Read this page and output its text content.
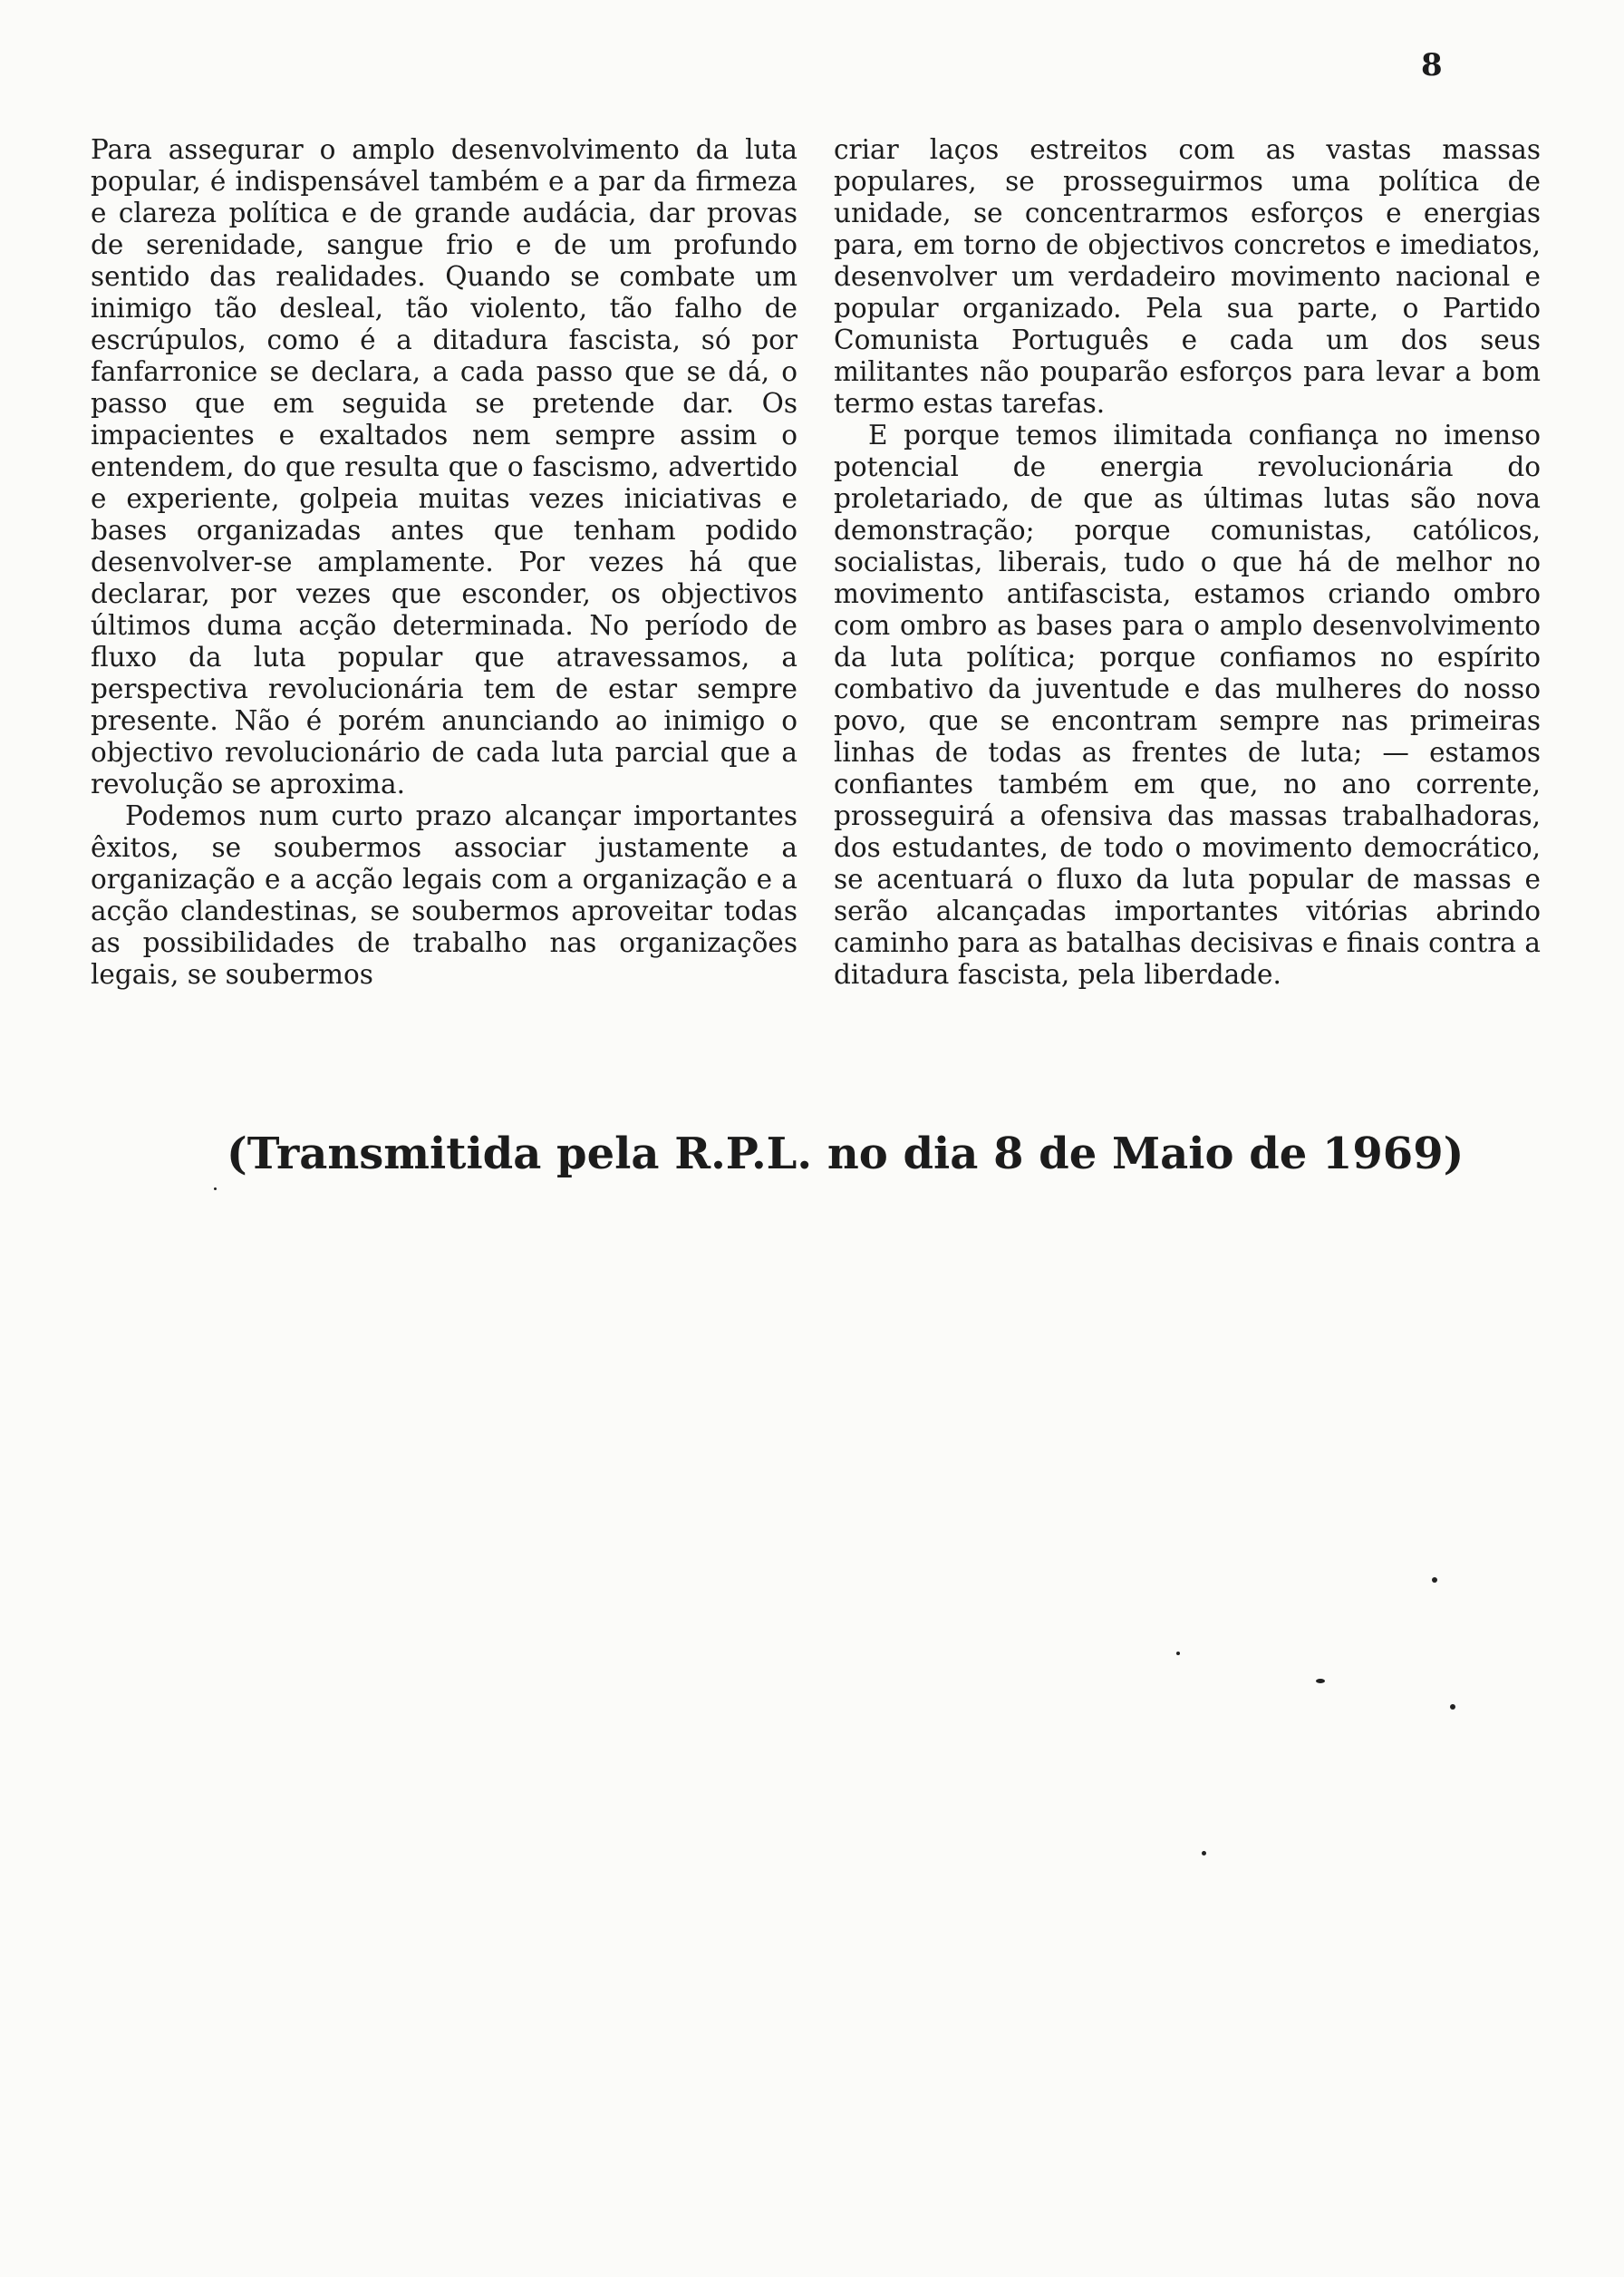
8

Para assegurar o amplo desenvolvimento da luta popular, é indispensável também e a par da firmeza e clareza política e de grande audácia, dar provas de serenidade, sangue frio e de um profundo sentido das realidades. Quando se combate um inimigo tão desleal, tão violento, tão falho de escrúpulos, como é a ditadura fascista, só por fanfarronice se declara, a cada passo que se dá, o passo que em seguida se pretende dar. Os impacientes e exaltados nem sempre assim o entendem, do que resulta que o fascismo, advertido e experiente, golpeia muitas vezes iniciativas e bases organizadas antes que tenham podido desenvolver-se amplamente. Por vezes há que declarar, por vezes que esconder, os objectivos últimos duma acção determinada. No período de fluxo da luta popular que atravessamos, a perspectiva revolucionária tem de estar sempre presente. Não é porém anunciando ao inimigo o objectivo revolucionário de cada luta parcial que a revolução se aproxima.

Podemos num curto prazo alcançar importantes êxitos, se soubermos associar justamente a organização e a acção legais com a organização e a acção clandestinas, se soubermos aproveitar todas as possibilidades de trabalho nas organizações legais, se soubermos

criar laços estreitos com as vastas massas populares, se prosseguirmos uma política de unidade, se concentrarmos esforços e energias para, em torno de objectivos concretos e imediatos, desenvolver um verdadeiro movimento nacional e popular organizado. Pela sua parte, o Partido Comunista Português e cada um dos seus militantes não pouparão esforços para levar a bom termo estas tarefas.

E porque temos ilimitada confiança no imenso potencial de energia revolucionária do proletariado, de que as últimas lutas são nova demonstração; porque comunistas, católicos, socialistas, liberais, tudo o que há de melhor no movimento antifascista, estamos criando ombro com ombro as bases para o amplo desenvolvimento da luta política; porque confiamos no espírito combativo da juventude e das mulheres do nosso povo, que se encontram sempre nas primeiras linhas de todas as frentes de luta; — estamos confiantes também em que, no ano corrente, prosseguirá a ofensiva das massas trabalhadoras, dos estudantes, de todo o movimento democrático, se acentuará o fluxo da luta popular de massas e serão alcançadas importantes vitórias abrindo caminho para as batalhas decisivas e finais contra a ditadura fascista, pela liberdade.

(Transmitida pela R.P.L. no dia 8 de Maio de 1969)
